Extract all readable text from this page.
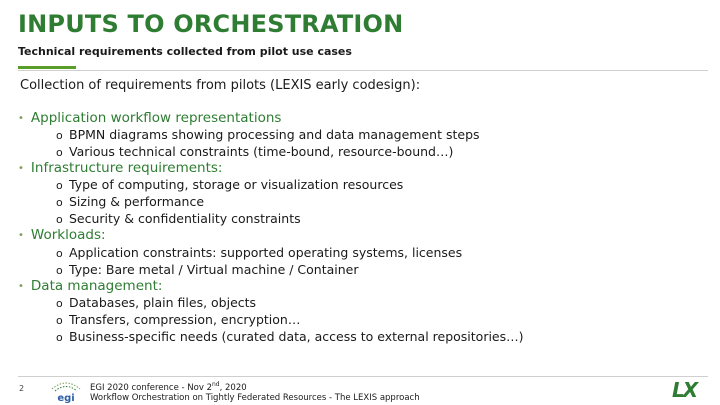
INPUTS TO ORCHESTRATION
Technical requirements collected from pilot use cases
Collection of requirements from pilots (LEXIS early codesign):
• Application workflow representations
o BPMN diagrams showing processing and data management steps
o Various technical constraints (time-bound, resource-bound…)
• Infrastructure requirements:
o Type of computing, storage or visualization resources
o Sizing & performance
o Security & confidentiality constraints
• Workloads:
o Application constraints: supported operating systems, licenses
o Type: Bare metal / Virtual machine / Container
• Data management:
o Databases, plain files, objects
o Transfers, compression, encryption…
o Business-specific needs (curated data, access to external repositories…)
2
egi
EGI 2020 conference - Nov 2nd, 2020
Workflow Orchestration on Tightly Federated Resources - The LEXIS approach	LX
